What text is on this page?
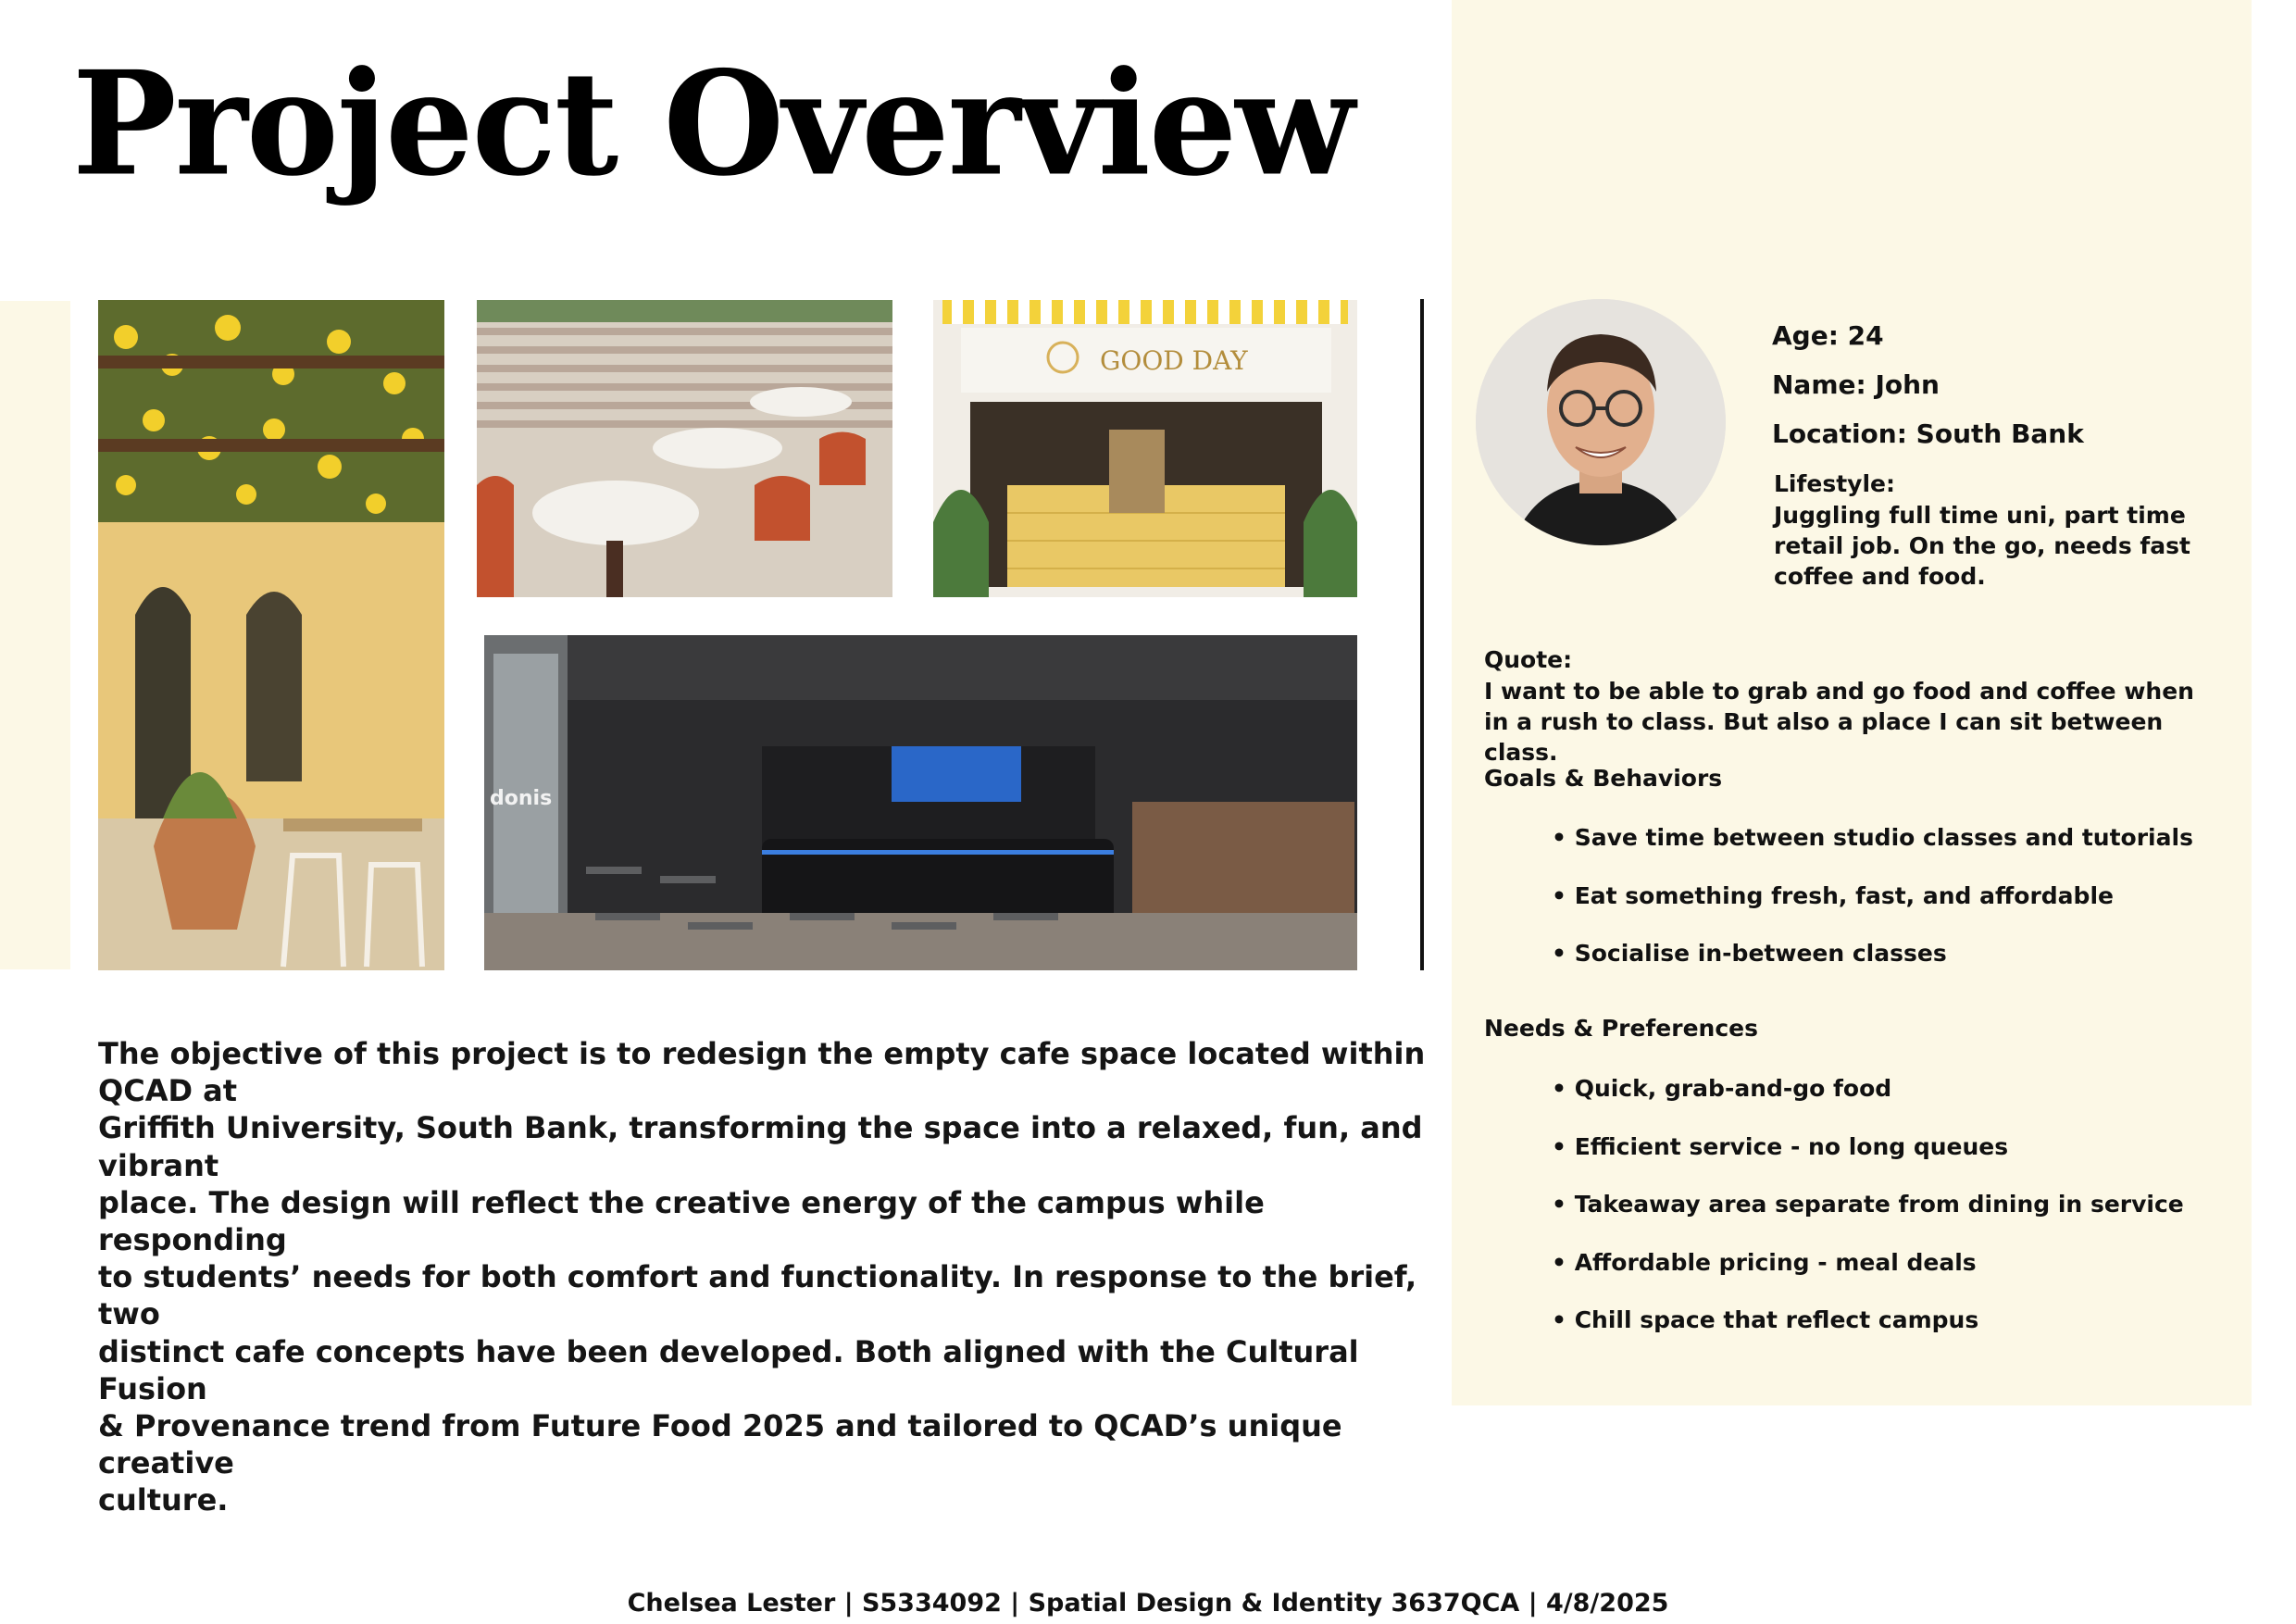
Project Overview
GOOD DAY
donis

The objective of this project is to redesign the empty cafe space located within QCAD at
Griffith University, South Bank, transforming the space into a relaxed, fun, and vibrant
place. The design will reflect the creative energy of the campus while responding
to students’ needs for both comfort and functionality. In response to the brief, two
distinct cafe concepts have been developed. Both aligned with the Cultural Fusion
& Provenance trend from Future Food 2025 and tailored to QCAD’s unique creative
culture.

Age: 24
Name: John
Location: South Bank
Lifestyle:
Juggling full time uni, part time retail job. On the go, needs fast coffee and food.
Quote:
I want to be able to grab and go food and coffee when in a rush to class. But also a place I can sit between class.
Goals & Behaviors
• Save time between studio classes and tutorials
• Eat something fresh, fast, and affordable
• Socialise in-between classes
Needs & Preferences
• Quick, grab-and-go food
• Efficient service - no long queues
• Takeaway area separate from dining in service
• Affordable pricing - meal deals
• Chill space that reflect campus
Chelsea Lester | S5334092 | Spatial Design & Identity 3637QCA | 4/8/2025
